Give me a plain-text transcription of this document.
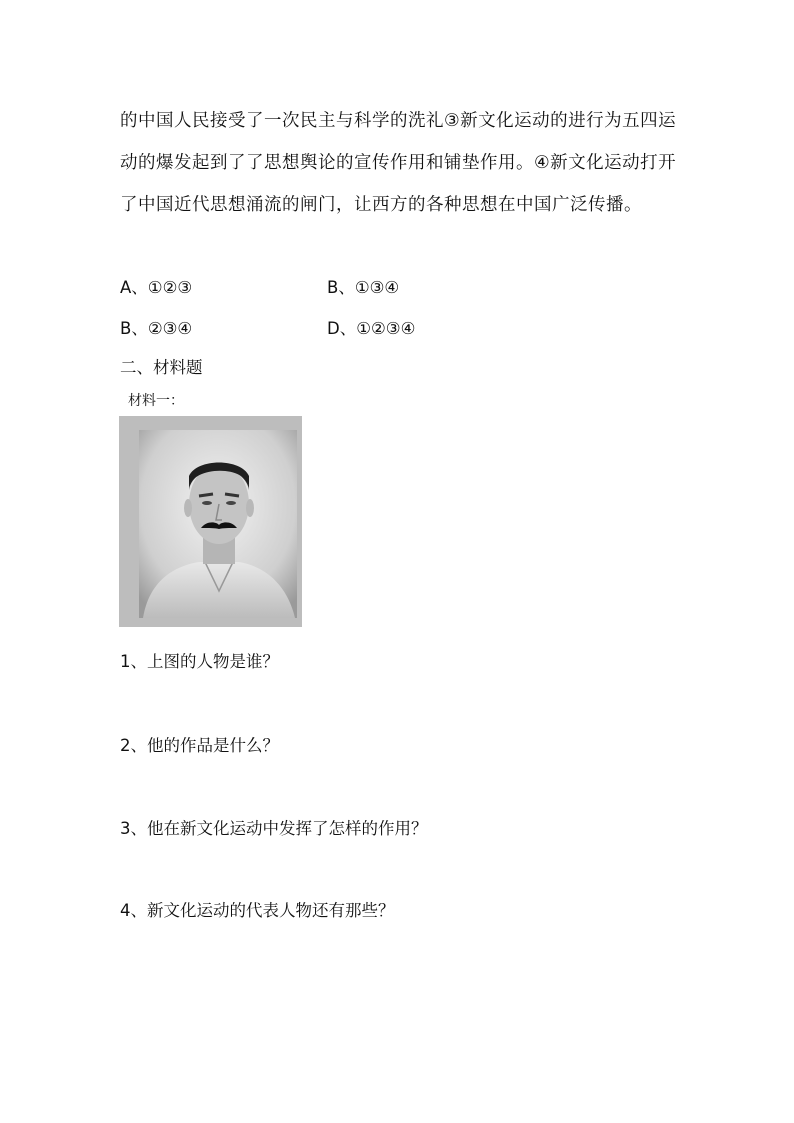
的中国人民接受了一次民主与科学的洗礼③新文化运动的进行为五四运动的爆发起到了了思想舆论的宣传作用和铺垫作用。④新文化运动打开了中国近代思想涌流的闸门，让西方的各种思想在中国广泛传播。

A、①②③	B、①③④
B、②③④	D、①②③④
二、材料题
材料一：
1、上图的人物是谁？
2、他的作品是什么？
3、他在新文化运动中发挥了怎样的作用？
4、新文化运动的代表人物还有那些？
